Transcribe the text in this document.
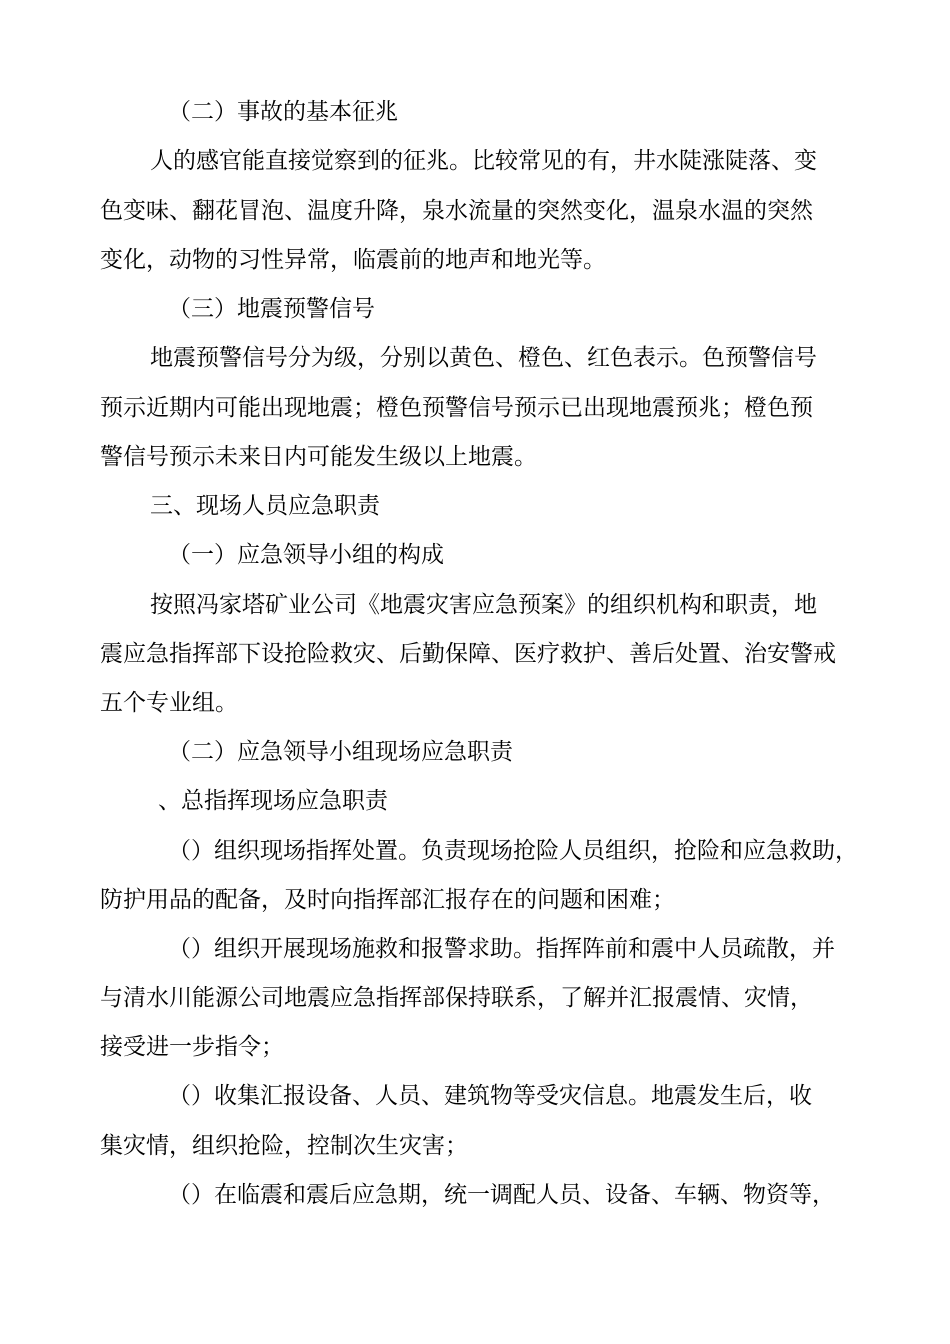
（二）事故的基本征兆
人的感官能直接觉察到的征兆。比较常见的有，井水陡涨陡落、变
色变味、翻花冒泡、温度升降，泉水流量的突然变化，温泉水温的突然
变化，动物的习性异常，临震前的地声和地光等。
（三）地震预警信号
地震预警信号分为级，分别以黄色、橙色、红色表示。色预警信号
预示近期内可能出现地震；橙色预警信号预示已出现地震预兆；橙色预
警信号预示未来日内可能发生级以上地震。
三、现场人员应急职责
（一）应急领导小组的构成
按照冯家塔矿业公司《地震灾害应急预案》的组织机构和职责，地
震应急指挥部下设抢险救灾、后勤保障、医疗救护、善后处置、治安警戒
五个专业组。
（二）应急领导小组现场应急职责
、总指挥现场应急职责
（）组织现场指挥处置。负责现场抢险人员组织，抢险和应急救助，
防护用品的配备，及时向指挥部汇报存在的问题和困难；
（）组织开展现场施救和报警求助。指挥阵前和震中人员疏散，并
与清水川能源公司地震应急指挥部保持联系，了解并汇报震情、灾情，
接受进一步指令；
（）收集汇报设备、人员、建筑物等受灾信息。地震发生后，收
集灾情，组织抢险，控制次生灾害；
（）在临震和震后应急期，统一调配人员、设备、车辆、物资等，
